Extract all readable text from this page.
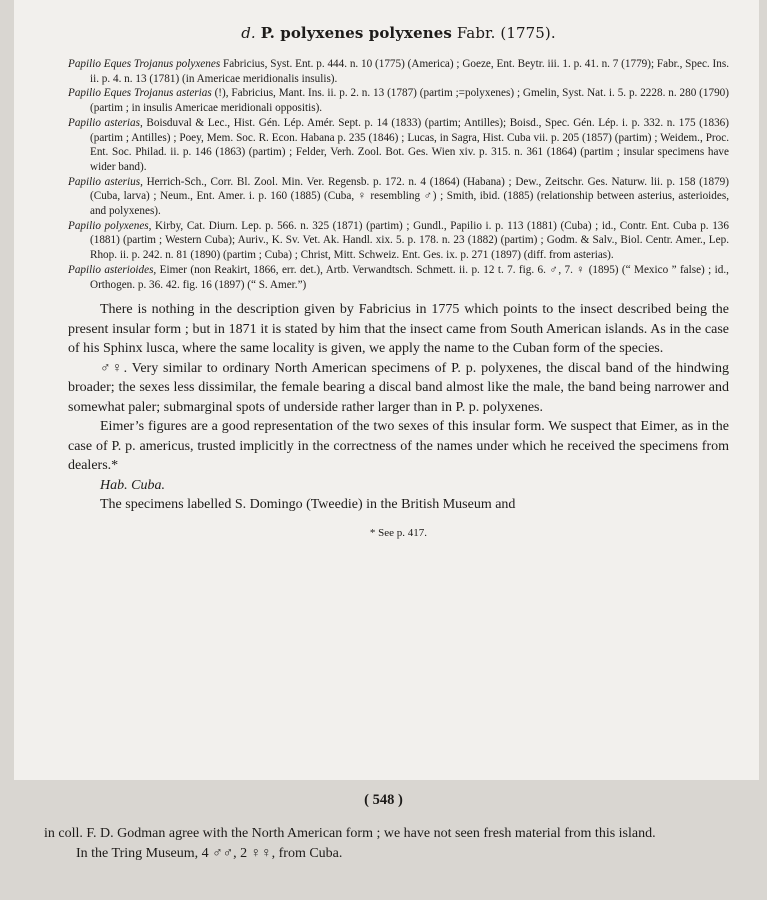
d. P. polyxenes polyxenes Fabr. (1775).

Papilio Eques Trojanus polyxenes Fabricius, Syst. Ent. p. 444. n. 10 (1775) (America) ; Goeze, Ent. Beytr. iii. 1. p. 41. n. 7 (1779); Fabr., Spec. Ins. ii. p. 4. n. 13 (1781) (in Americae meridionalis insulis).

Papilio Eques Trojanus asterias (!), Fabricius, Mant. Ins. ii. p. 2. n. 13 (1787) (partim ;=polyxenes) ; Gmelin, Syst. Nat. i. 5. p. 2228. n. 280 (1790) (partim ; in insulis Americae meridionali oppositis).

Papilio asterias, Boisduval & Lec., Hist. Gén. Lép. Amér. Sept. p. 14 (1833) (partim; Antilles); Boisd., Spec. Gén. Lép. i. p. 332. n. 175 (1836) (partim ; Antilles) ; Poey, Mem. Soc. R. Econ. Habana p. 235 (1846) ; Lucas, in Sagra, Hist. Cuba vii. p. 205 (1857) (partim) ; Weidem., Proc. Ent. Soc. Philad. ii. p. 146 (1863) (partim) ; Felder, Verh. Zool. Bot. Ges. Wien xiv. p. 315. n. 361 (1864) (partim ; insular specimens have wider band).

Papilio asterius, Herrich-Sch., Corr. Bl. Zool. Min. Ver. Regensb. p. 172. n. 4 (1864) (Habana) ; Dew., Zeitschr. Ges. Naturw. lii. p. 158 (1879) (Cuba, larva) ; Neum., Ent. Amer. i. p. 160 (1885) (Cuba, ♀ resembling ♂) ; Smith, ibid. (1885) (relationship between asterius, asterioides, and polyxenes).

Papilio polyxenes, Kirby, Cat. Diurn. Lep. p. 566. n. 325 (1871) (partim) ; Gundl., Papilio i. p. 113 (1881) (Cuba) ; id., Contr. Ent. Cuba p. 136 (1881) (partim ; Western Cuba); Auriv., K. Sv. Vet. Ak. Handl. xix. 5. p. 178. n. 23 (1882) (partim) ; Godm. & Salv., Biol. Centr. Amer., Lep. Rhop. ii. p. 242. n. 81 (1890) (partim ; Cuba) ; Christ, Mitt. Schweiz. Ent. Ges. ix. p. 271 (1897) (diff. from asterias).

Papilio asterioides, Eimer (non Reakirt, 1866, err. det.), Artb. Verwandtsch. Schmett. ii. p. 12 t. 7. fig. 6. ♂, 7. ♀ (1895) (“ Mexico ” false) ; id., Orthogen. p. 36. 42. fig. 16 (1897) (“ S. Amer.”)

There is nothing in the description given by Fabricius in 1775 which points to the insect described being the present insular form ; but in 1871 it is stated by him that the insect came from South American islands. As in the case of his Sphinx lusca, where the same locality is given, we apply the name to the Cuban form of the species.

♂♀. Very similar to ordinary North American specimens of P. p. polyxenes, the discal band of the hindwing broader; the sexes less dissimilar, the female bearing a discal band almost like the male, the band being narrower and somewhat paler; submarginal spots of underside rather larger than in P. p. polyxenes.

Eimer’s figures are a good representation of the two sexes of this insular form. We suspect that Eimer, as in the case of P. p. americus, trusted implicitly in the correctness of the names under which he received the specimens from dealers.*

Hab. Cuba.

The specimens labelled S. Domingo (Tweedie) in the British Museum and

* See p. 417.
( 548 )

in coll. F. D. Godman agree with the North American form ; we have not seen fresh material from this island.

In the Tring Museum, 4 ♂♂, 2 ♀♀, from Cuba.
